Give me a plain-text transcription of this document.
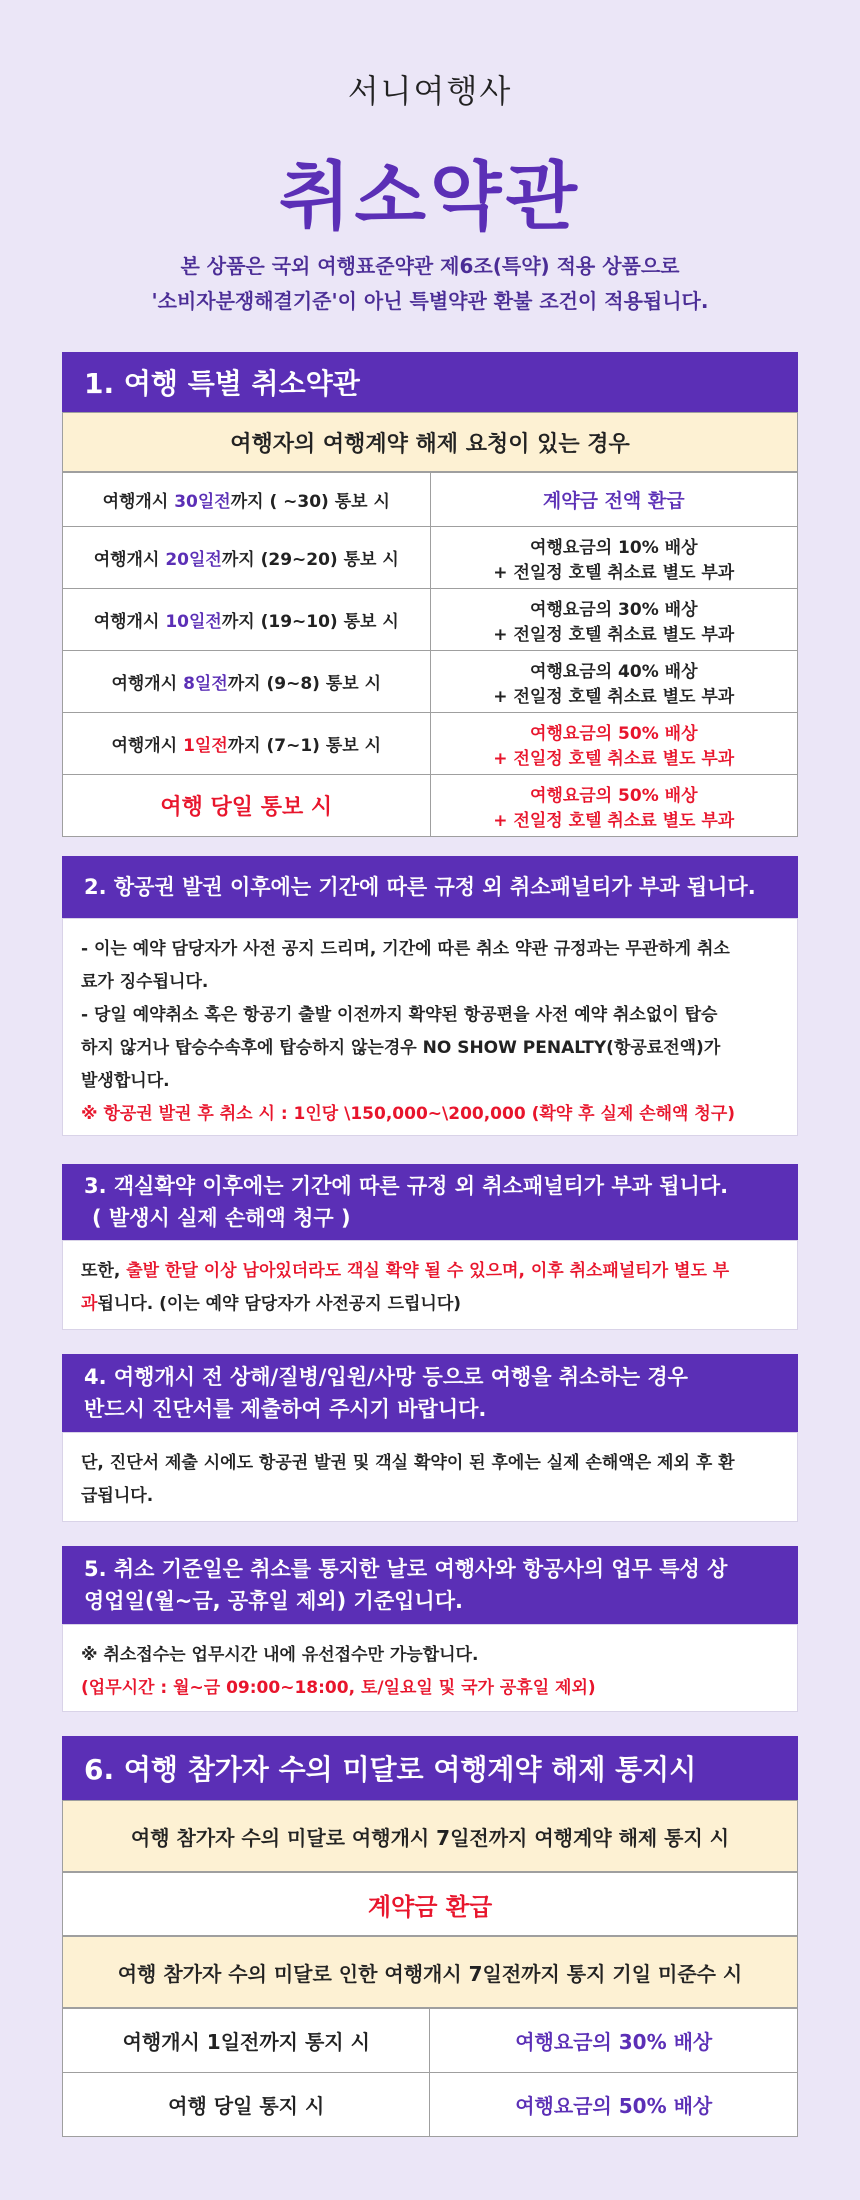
서니여행사
취소약관
본 상품은 국외 여행표준약관 제6조(특약) 적용 상품으로
'소비자분쟁해결기준'이 아닌 특별약관 환불 조건이 적용됩니다.
1. 여행 특별 취소약관
여행자의 여행계약 해제 요청이 있는 경우
여행개시 30일전까지 ( ~30) 통보 시	계약금 전액 환급

여행개시 20일전까지 (29~20) 통보 시	여행요금의 10% 배상
+ 전일정 호텔 취소료 별도 부과

여행개시 10일전까지 (19~10) 통보 시	여행요금의 30% 배상
+ 전일정 호텔 취소료 별도 부과

여행개시 8일전까지 (9~8) 통보 시	여행요금의 40% 배상
+ 전일정 호텔 취소료 별도 부과

여행개시 1일전까지 (7~1) 통보 시	여행요금의 50% 배상
+ 전일정 호텔 취소료 별도 부과

여행 당일 통보 시	여행요금의 50% 배상
+ 전일정 호텔 취소료 별도 부과
2. 항공권 발권 이후에는 기간에 따른 규정 외 취소패널티가 부과 됩니다.
- 이는 예약 담당자가 사전 공지 드리며, 기간에 따른 취소 약관 규정과는 무관하게 취소
료가 징수됩니다.
- 당일 예약취소 혹은 항공기 출발 이전까지 확약된 항공편을 사전 예약 취소없이 탑승
하지 않거나 탑승수속후에 탑승하지 않는경우 NO SHOW PENALTY(항공료전액)가
발생합니다.
※ 항공권 발권 후 취소 시 : 1인당 \150,000~\200,000 (확약 후 실제 손해액 청구)
3. 객실확약 이후에는 기간에 따른 규정 외 취소패널티가 부과 됩니다.
( 발생시 실제 손해액 청구 )
또한, 출발 한달 이상 남아있더라도 객실 확약 될 수 있으며, 이후 취소패널티가 별도 부
과됩니다. (이는 예약 담당자가 사전공지 드립니다)
4. 여행개시 전 상해/질병/입원/사망 등으로 여행을 취소하는 경우
반드시 진단서를 제출하여 주시기 바랍니다.
단, 진단서 제출 시에도 항공권 발권 및 객실 확약이 된 후에는 실제 손해액은 제외 후 환
급됩니다.
5. 취소 기준일은 취소를 통지한 날로 여행사와 항공사의 업무 특성 상
영업일(월~금, 공휴일 제외) 기준입니다.
※ 취소접수는 업무시간 내에 유선접수만 가능합니다.
(업무시간 : 월~금 09:00~18:00, 토/일요일 및 국가 공휴일 제외)
6. 여행 참가자 수의 미달로 여행계약 해제 통지시
여행 참가자 수의 미달로 여행개시 7일전까지 여행계약 해제 통지 시
계약금 환급
여행 참가자 수의 미달로 인한 여행개시 7일전까지 통지 기일 미준수 시
여행개시 1일전까지 통지 시	여행요금의 30% 배상
여행 당일 통지 시	여행요금의 50% 배상
